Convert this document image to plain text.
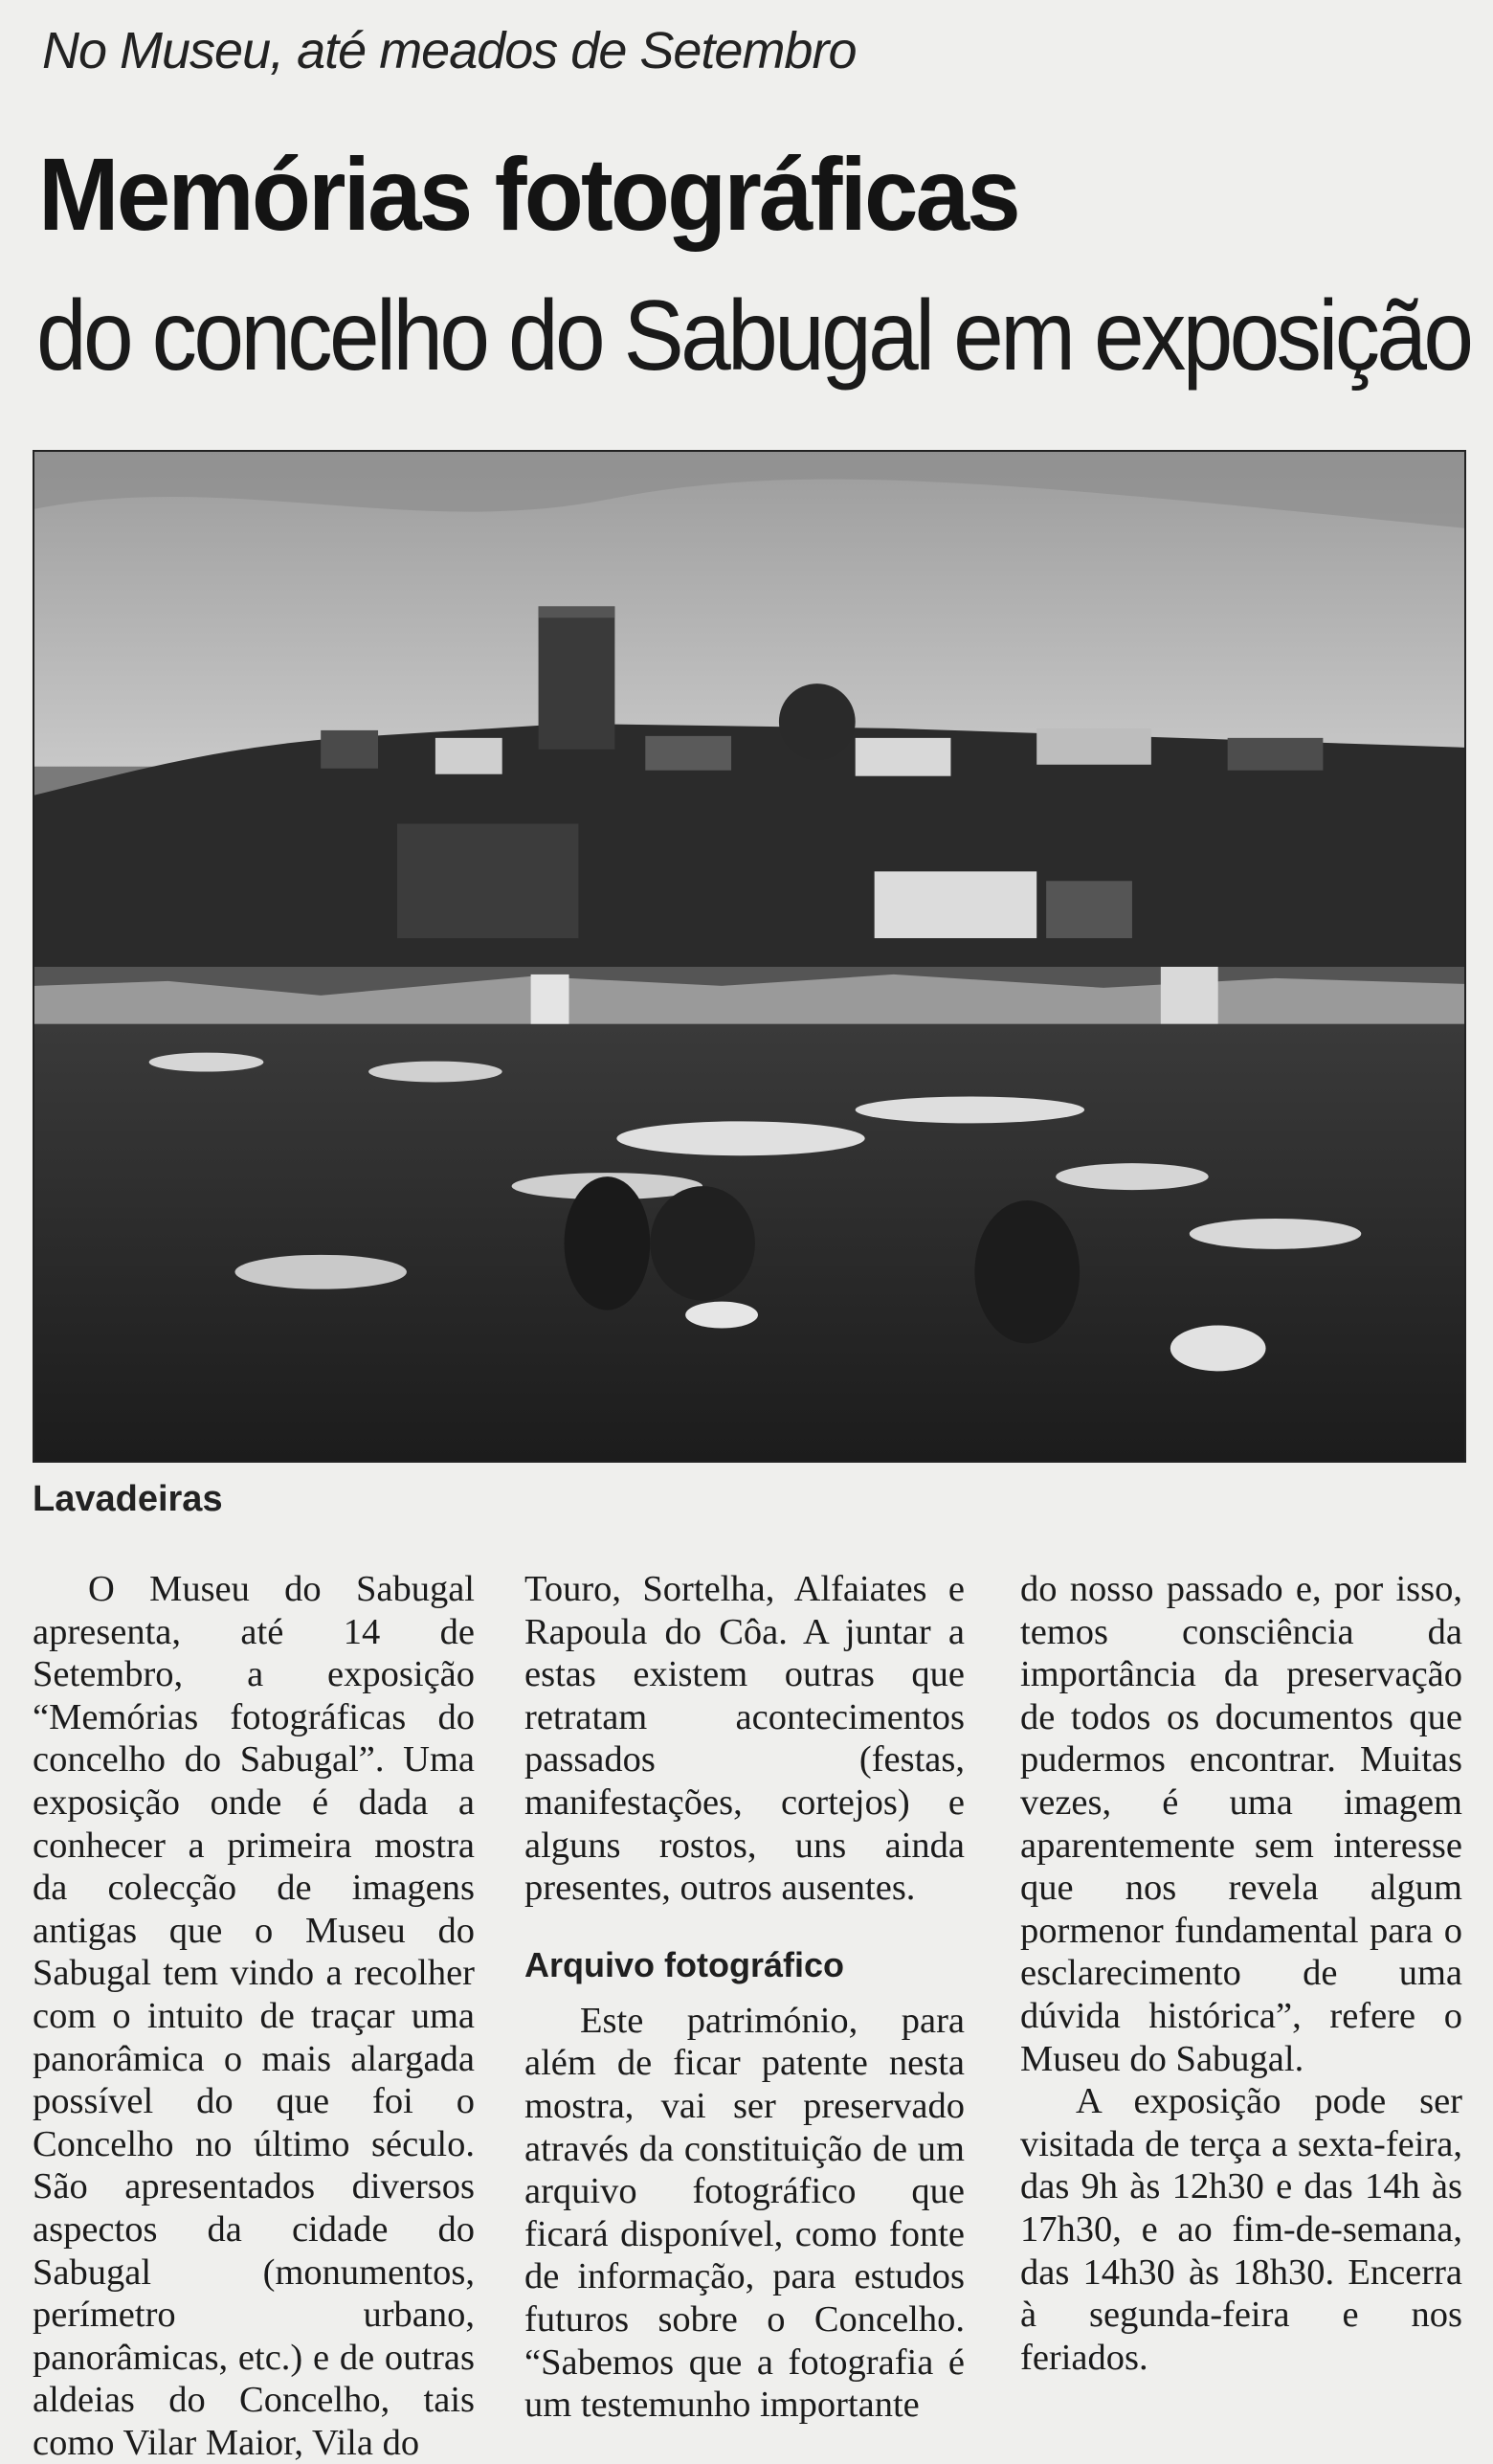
No Museu, até meados de Setembro
Memórias fotográficas
do concelho do Sabugal em exposição
Lavadeiras

O Museu do Sabugal apresenta, até 14 de Setembro, a exposição “Memórias fotográficas do concelho do Sabugal”. Uma exposição onde é dada a conhecer a primeira mostra da colecção de imagens antigas que o Museu do Sabugal tem vindo a recolher com o intuito de traçar uma panorâmica o mais alargada possível do que foi o Concelho no último século. São apresentados diversos aspectos da cidade do Sabugal (monumentos, perímetro urbano, panorâmicas, etc.) e de outras aldeias do Concelho, tais como Vilar Maior, Vila do

Touro, Sortelha, Alfaiates e Rapoula do Côa. A juntar a estas existem outras que retratam acontecimentos passados (festas, manifestações, cortejos) e alguns rostos, uns ainda presentes, outros ausentes.

Arquivo fotográfico

Este património, para além de ficar patente nesta mostra, vai ser preservado através da constituição de um arquivo fotográfico que ficará disponível, como fonte de informação, para estudos futuros sobre o Concelho. “Sabemos que a fotografia é um testemunho importante

do nosso passado e, por isso, temos consciência da importância da preservação de todos os documentos que pudermos encontrar. Muitas vezes, é uma imagem aparentemente sem interesse que nos revela algum pormenor fundamental para o esclarecimento de uma dúvida histórica”, refere o Museu do Sabugal.

A exposição pode ser visitada de terça a sexta-feira, das 9h às 12h30 e das 14h às 17h30, e ao fim-de-semana, das 14h30 às 18h30. Encerra à segunda-feira e nos feriados.
